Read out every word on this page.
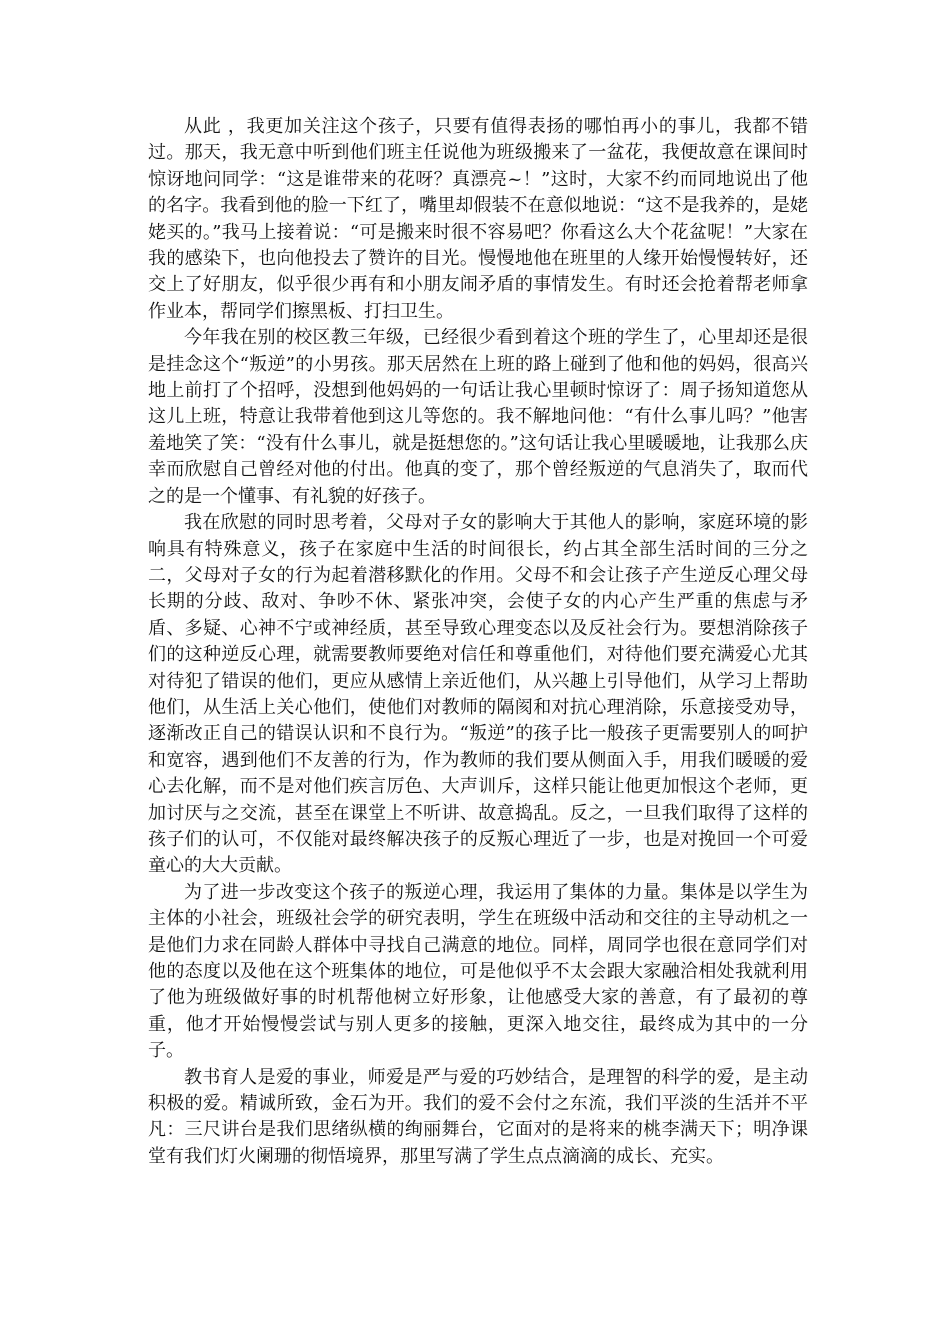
从此 ，我更加关注这个孩子，只要有值得表扬的哪怕再小的事儿，我都不错过。那天，我无意中听到他们班主任说他为班级搬来了一盆花，我便故意在课间时惊讶地问同学：“这是谁带来的花呀？真漂亮~！”这时，大家不约而同地说出了他的名字。我看到他的脸一下红了，嘴里却假装不在意似地说：“这不是我养的，是姥姥买的。”我马上接着说：“可是搬来时很不容易吧？你看这么大个花盆呢！”大家在我的感染下，也向他投去了赞许的目光。慢慢地他在班里的人缘开始慢慢转好，还交上了好朋友，似乎很少再有和小朋友闹矛盾的事情发生。有时还会抢着帮老师拿作业本，帮同学们擦黑板、打扫卫生。

今年我在别的校区教三年级，已经很少看到着这个班的学生了，心里却还是很是挂念这个“叛逆”的小男孩。那天居然在上班的路上碰到了他和他的妈妈，很高兴地上前打了个招呼，没想到他妈妈的一句话让我心里顿时惊讶了：周子扬知道您从这儿上班，特意让我带着他到这儿等您的。我不解地问他：“有什么事儿吗？”他害羞地笑了笑：“没有什么事儿，就是挺想您的。”这句话让我心里暖暖地，让我那么庆幸而欣慰自己曾经对他的付出。他真的变了，那个曾经叛逆的气息消失了，取而代之的是一个懂事、有礼貌的好孩子。

我在欣慰的同时思考着，父母对子女的影响大于其他人的影响，家庭环境的影响具有特殊意义，孩子在家庭中生活的时间很长，约占其全部生活时间的三分之二，父母对子女的行为起着潜移默化的作用。父母不和会让孩子产生逆反心理父母长期的分歧、敌对、争吵不休、紧张冲突，会使子女的内心产生严重的焦虑与矛盾、多疑、心神不宁或神经质，甚至导致心理变态以及反社会行为。要想消除孩子们的这种逆反心理，就需要教师要绝对信任和尊重他们，对待他们要充满爱心尤其对待犯了错误的他们，更应从感情上亲近他们，从兴趣上引导他们，从学习上帮助他们，从生活上关心他们，使他们对教师的隔阂和对抗心理消除，乐意接受劝导，逐渐改正自己的错误认识和不良行为。“叛逆”的孩子比一般孩子更需要别人的呵护和宽容，遇到他们不友善的行为，作为教师的我们要从侧面入手，用我们暖暖的爱心去化解，而不是对他们疾言厉色、大声训斥，这样只能让他更加恨这个老师，更加讨厌与之交流，甚至在课堂上不听讲、故意捣乱。反之，一旦我们取得了这样的孩子们的认可，不仅能对最终解决孩子的反叛心理近了一步，也是对挽回一个可爱童心的大大贡献。

为了进一步改变这个孩子的叛逆心理，我运用了集体的力量。集体是以学生为主体的小社会，班级社会学的研究表明，学生在班级中活动和交往的主导动机之一是他们力求在同龄人群体中寻找自己满意的地位。同样，周同学也很在意同学们对他的态度以及他在这个班集体的地位，可是他似乎不太会跟大家融洽相处我就利用了他为班级做好事的时机帮他树立好形象，让他感受大家的善意，有了最初的尊重，他才开始慢慢尝试与别人更多的接触，更深入地交往，最终成为其中的一分子。

教书育人是爱的事业，师爱是严与爱的巧妙结合，是理智的科学的爱，是主动积极的爱。精诚所致，金石为开。我们的爱不会付之东流，我们平淡的生活并不平凡：三尺讲台是我们思绪纵横的绚丽舞台，它面对的是将来的桃李满天下；明净课堂有我们灯火阑珊的彻悟境界，那里写满了学生点点滴滴的成长、充实。
